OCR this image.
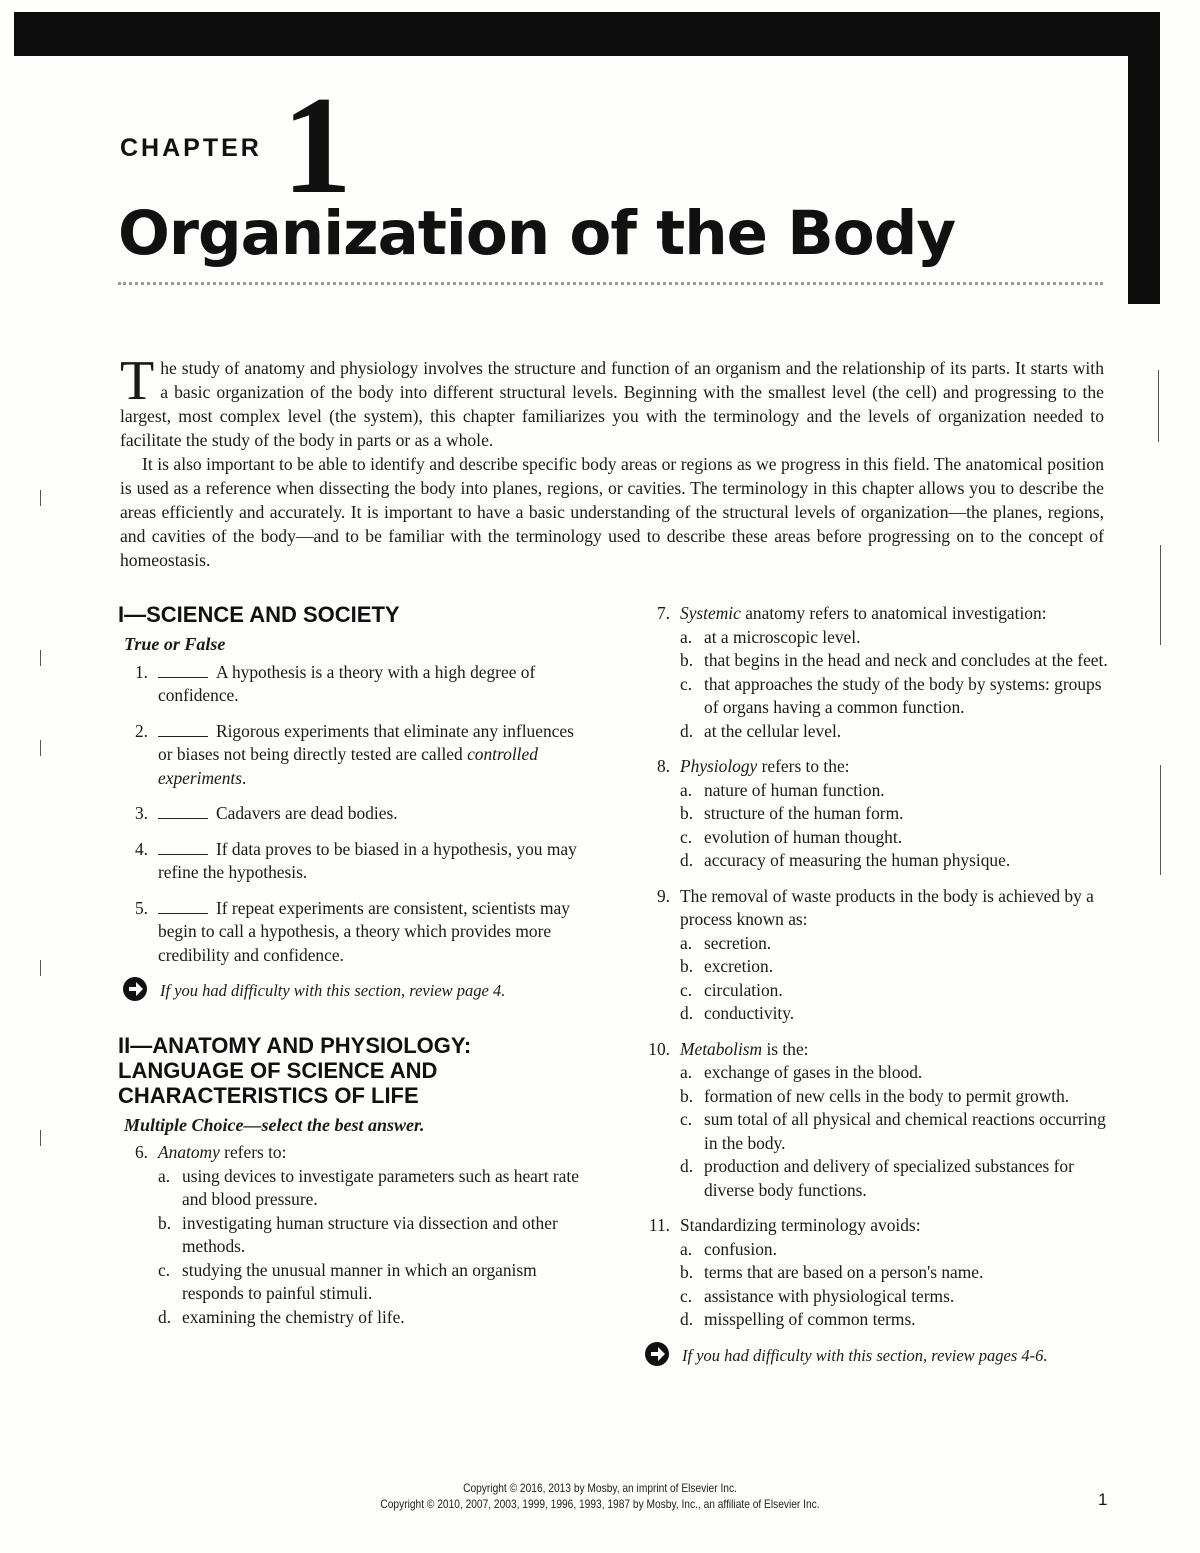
CHAPTER 1
Organization of the Body

The study of anatomy and physiology involves the structure and function of an organism and the relationship of its parts. It starts with a basic organization of the body into different structural levels. Beginning with the smallest level (the cell) and progressing to the largest, most complex level (the system), this chapter familiarizes you with the terminology and the levels of organization needed to facilitate the study of the body in parts or as a whole.

It is also important to be able to identify and describe specific body areas or regions as we progress in this field. The anatomical position is used as a reference when dissecting the body into planes, regions, or cavities. The terminology in this chapter allows you to describe the areas efficiently and accurately. It is important to have a basic understanding of the structural levels of organization—the planes, regions, and cavities of the body—and to be familiar with the terminology used to describe these areas before progressing on to the concept of homeostasis.

I—SCIENCE AND SOCIETY
True or False
1.	A hypothesis is a theory with a high degree of confidence.
2.	Rigorous experiments that eliminate any influences or biases not being directly tested are called controlled experiments.
3.	Cadavers are dead bodies.
4.	If data proves to be biased in a hypothesis, you may refine the hypothesis.
5.	If repeat experiments are consistent, scientists may begin to call a hypothesis, a theory which provides more credibility and confidence.
If you had difficulty with this section, review page 4.
II—ANATOMY AND PHYSIOLOGY: LANGUAGE OF SCIENCE AND CHARACTERISTICS OF LIFE
Multiple Choice—select the best answer.
6. Anatomy refers to:
a. using devices to investigate parameters such as heart rate and blood pressure.
b. investigating human structure via dissection and other methods.
c. studying the unusual manner in which an organism responds to painful stimuli.
d. examining the chemistry of life.
7. Systemic anatomy refers to anatomical investigation:
a. at a microscopic level.
b. that begins in the head and neck and concludes at the feet.
c. that approaches the study of the body by systems: groups of organs having a common function.
d. at the cellular level.
8. Physiology refers to the:
a. nature of human function.
b. structure of the human form.
c. evolution of human thought.
d. accuracy of measuring the human physique.
9. The removal of waste products in the body is achieved by a process known as:
a. secretion.
b. excretion.
c. circulation.
d. conductivity.
10. Metabolism is the:
a. exchange of gases in the blood.
b. formation of new cells in the body to permit growth.
c. sum total of all physical and chemical reactions occurring in the body.
d. production and delivery of specialized substances for diverse body functions.
11. Standardizing terminology avoids:
a. confusion.
b. terms that are based on a person's name.
c. assistance with physiological terms.
d. misspelling of common terms.
If you had difficulty with this section, review pages 4-6.
Copyright © 2016, 2013 by Mosby, an imprint of Elsevier Inc.
Copyright © 2010, 2007, 2003, 1999, 1996, 1993, 1987 by Mosby, Inc., an affiliate of Elsevier Inc.	1
